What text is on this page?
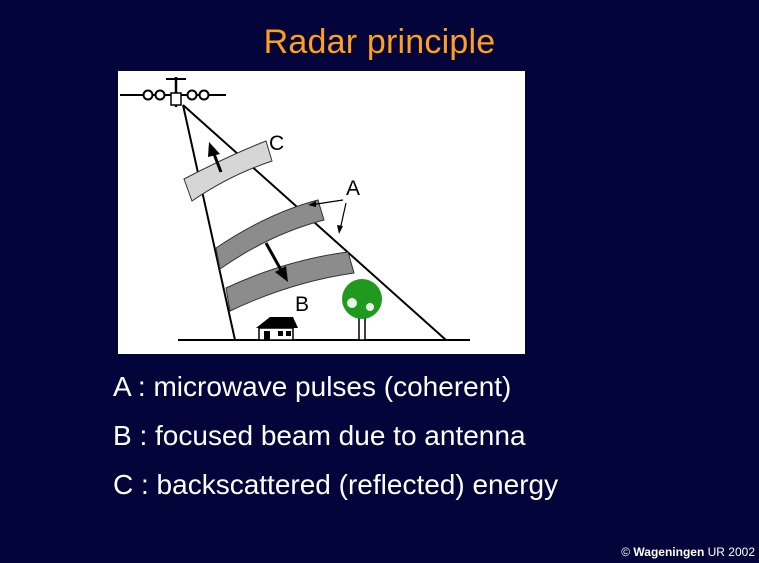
Radar principle
C
A
B
A : microwave pulses (coherent)
B : focused beam due to antenna
C : backscattered (reflected) energy
© Wageningen UR 2002
